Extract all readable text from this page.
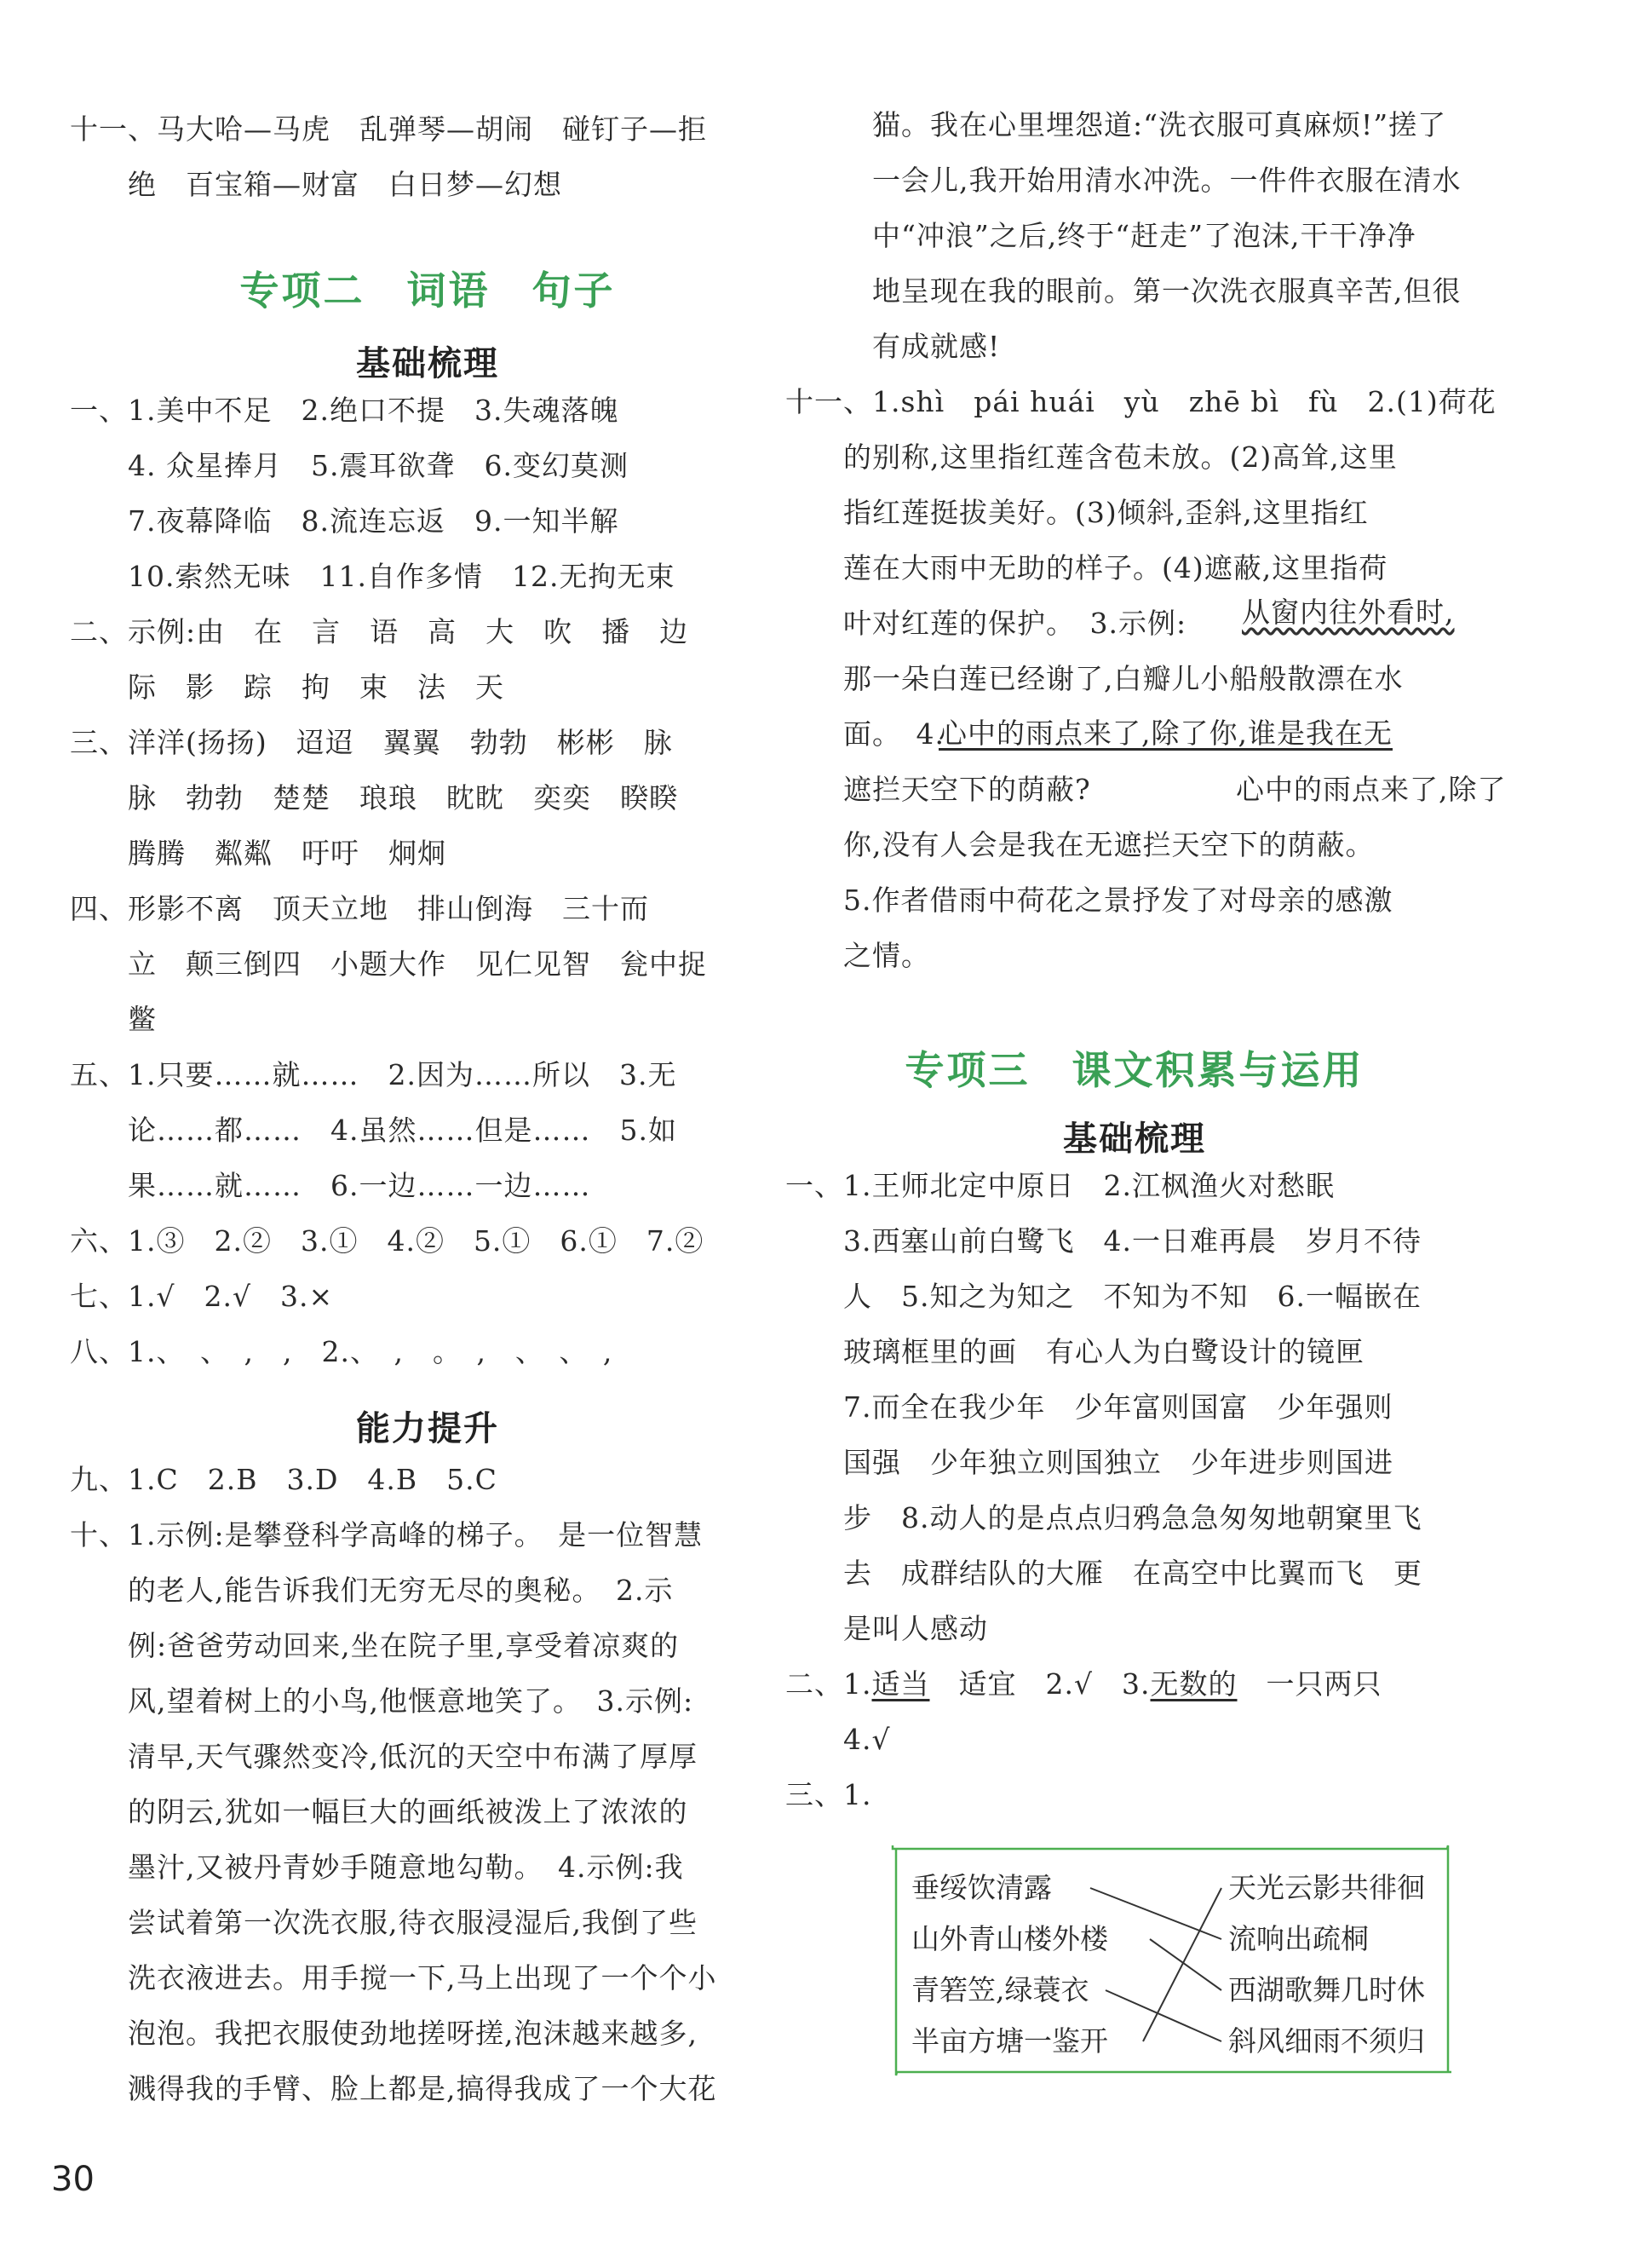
十一、马大哈—马虎　乱弹琴—胡闹　碰钉子—拒
　　绝　百宝箱—财富　白日梦—幻想
专项二　词语　句子
基础梳理
一、1.美中不足　2.绝口不提　3.失魂落魄
　　4. 众星捧月　5.震耳欲聋　6.变幻莫测
　　7.夜幕降临　8.流连忘返　9.一知半解
　　10.索然无味　11.自作多情　12.无拘无束
二、示例:由　在　言　语　高　大　吹　播　边
　　际　影　踪　拘　束　法　天
三、洋洋(扬扬)　迢迢　翼翼　勃勃　彬彬　脉
　　脉　勃勃　楚楚　琅琅　眈眈　奕奕　睽睽
　　腾腾　粼粼　吁吁　炯炯
四、形影不离　顶天立地　排山倒海　三十而
　　立　颠三倒四　小题大作　见仁见智　瓮中捉
　　鳖
五、1.只要……就……　2.因为……所以　3.无
　　论……都……　4.虽然……但是……　5.如
　　果……就……　6.一边……一边……
六、1.③　2.②　3.①　4.②　5.①　6.①　7.②
七、1.√　2.√　3.×
八、1.、　、　,　,　2.、　,　。　,　、　、　,
能力提升
九、1.C　2.B　3.D　4.B　5.C
十、1.示例:是攀登科学高峰的梯子。　是一位智慧
　　的老人,能告诉我们无穷无尽的奥秘。　2.示
　　例:爸爸劳动回来,坐在院子里,享受着凉爽的
　　风,望着树上的小鸟,他惬意地笑了。　3.示例:
　　清早,天气骤然变冷,低沉的天空中布满了厚厚
　　的阴云,犹如一幅巨大的画纸被泼上了浓浓的
　　墨汁,又被丹青妙手随意地勾勒。　4.示例:我
　　尝试着第一次洗衣服,待衣服浸湿后,我倒了些
　　洗衣液进去。用手搅一下,马上出现了一个个小
　　泡泡。我把衣服使劲地搓呀搓,泡沫越来越多,
　　溅得我的手臂、脸上都是,搞得我成了一个大花
猫。我在心里埋怨道:“洗衣服可真麻烦!”搓了
一会儿,我开始用清水冲洗。一件件衣服在清水
中“冲浪”之后,终于“赶走”了泡沫,干干净净
地呈现在我的眼前。第一次洗衣服真辛苦,但很
有成就感!
十一、1.shì　pái huái　yù　zhē bì　fù　2.(1)荷花
　　的别称,这里指红莲含苞未放。(2)高耸,这里
　　指红莲挺拔美好。(3)倾斜,歪斜,这里指红
　　莲在大雨中无助的样子。(4)遮蔽,这里指荷
　　叶对红莲的保护。　3.示例:
　　那一朵白莲已经谢了,白瓣儿小船般散漂在水
　　面。　4.
　　遮拦天空下的荫蔽?
　　你,没有人会是我在无遮拦天空下的荫蔽。
　　5.作者借雨中荷花之景抒发了对母亲的感激
　　之情。
从窗内往外看时,
心中的雨点来了,除了你,谁是我在无
　心中的雨点来了,除了
专项三　课文积累与运用
基础梳理
一、1.王师北定中原日　2.江枫渔火对愁眠
　　3.西塞山前白鹭飞　4.一日难再晨　岁月不待
　　人　5.知之为知之　不知为不知　6.一幅嵌在
　　玻璃框里的画　有心人为白鹭设计的镜匣
　　7.而全在我少年　少年富则国富　少年强则
　　国强　少年独立则国独立　少年进步则国进
　　步　8.动人的是点点归鸦急急匆匆地朝窠里飞
　　去　成群结队的大雁　在高空中比翼而飞　更
　　是叫人感动
二、1.适当　适宜　2.√　3.无数的　一只两只
　　4.√
三、1.
垂绥饮清露
山外青山楼外楼
青箬笠,绿蓑衣
半亩方塘一鉴开
天光云影共徘徊
流响出疏桐
西湖歌舞几时休
斜风细雨不须归
30
